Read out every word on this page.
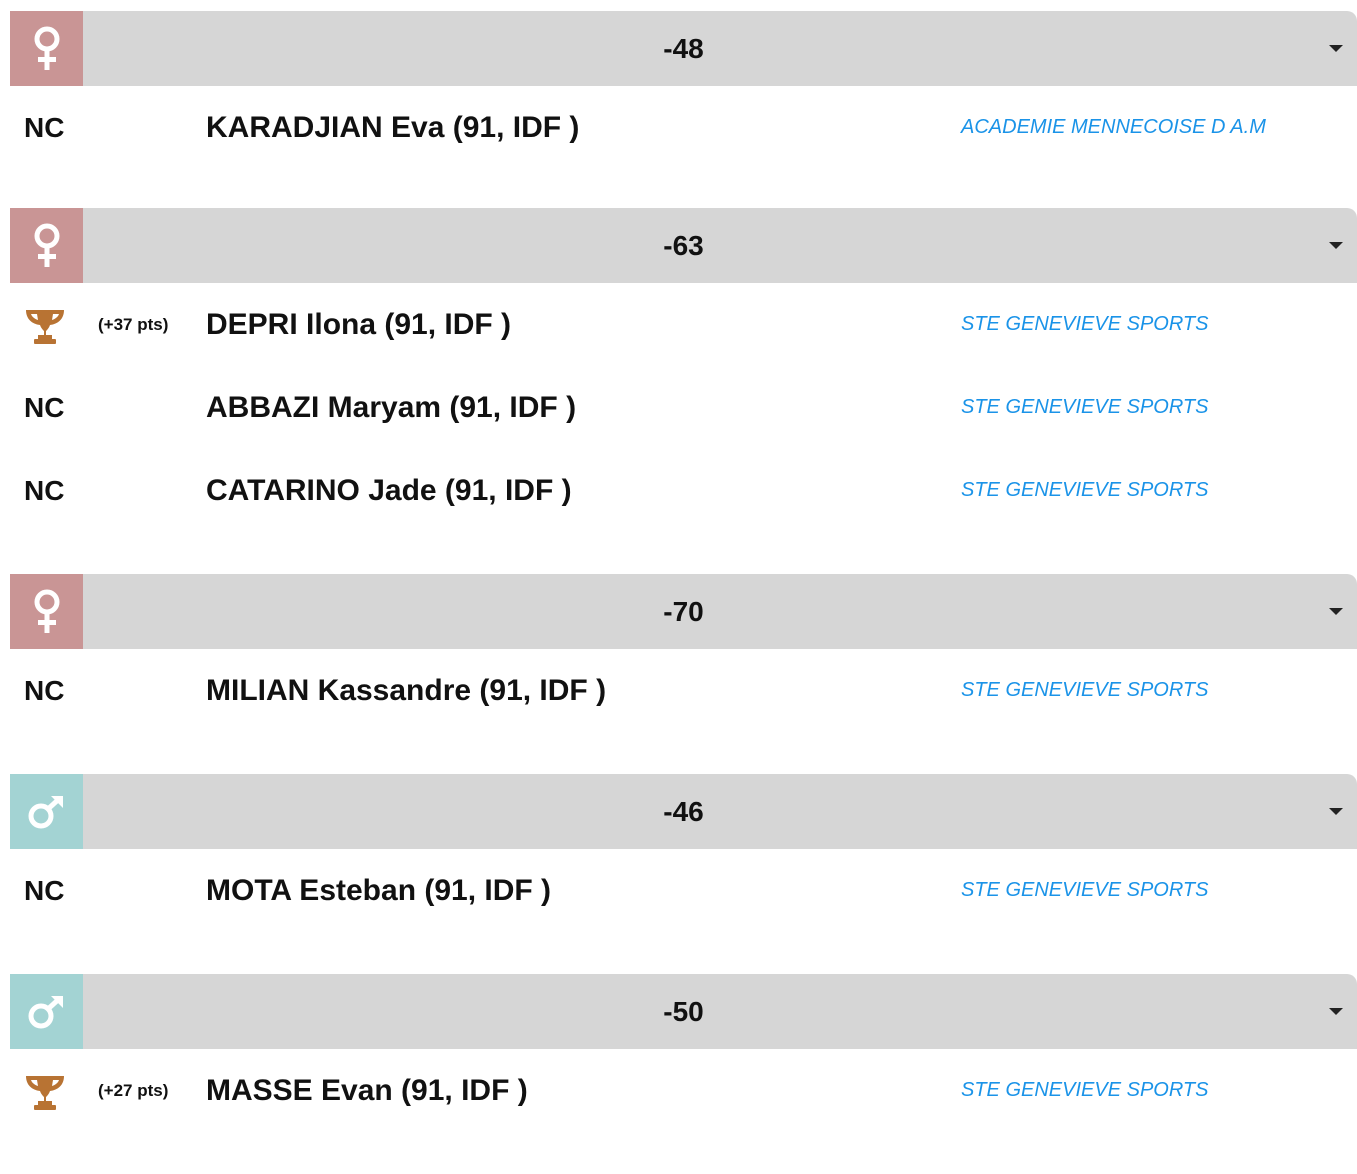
-48
NC	KARADJIAN Eva (91, IDF )	ACADEMIE MENNECOISE D A.M
-63
(+37 pts) DEPRI Ilona (91, IDF )	STE GENEVIEVE SPORTS
NC	ABBAZI Maryam (91, IDF )	STE GENEVIEVE SPORTS
NC	CATARINO Jade (91, IDF )	STE GENEVIEVE SPORTS
-70
NC	MILIAN Kassandre (91, IDF )	STE GENEVIEVE SPORTS
-46
NC	MOTA Esteban (91, IDF )	STE GENEVIEVE SPORTS
-50
(+27 pts) MASSE Evan (91, IDF )	STE GENEVIEVE SPORTS
